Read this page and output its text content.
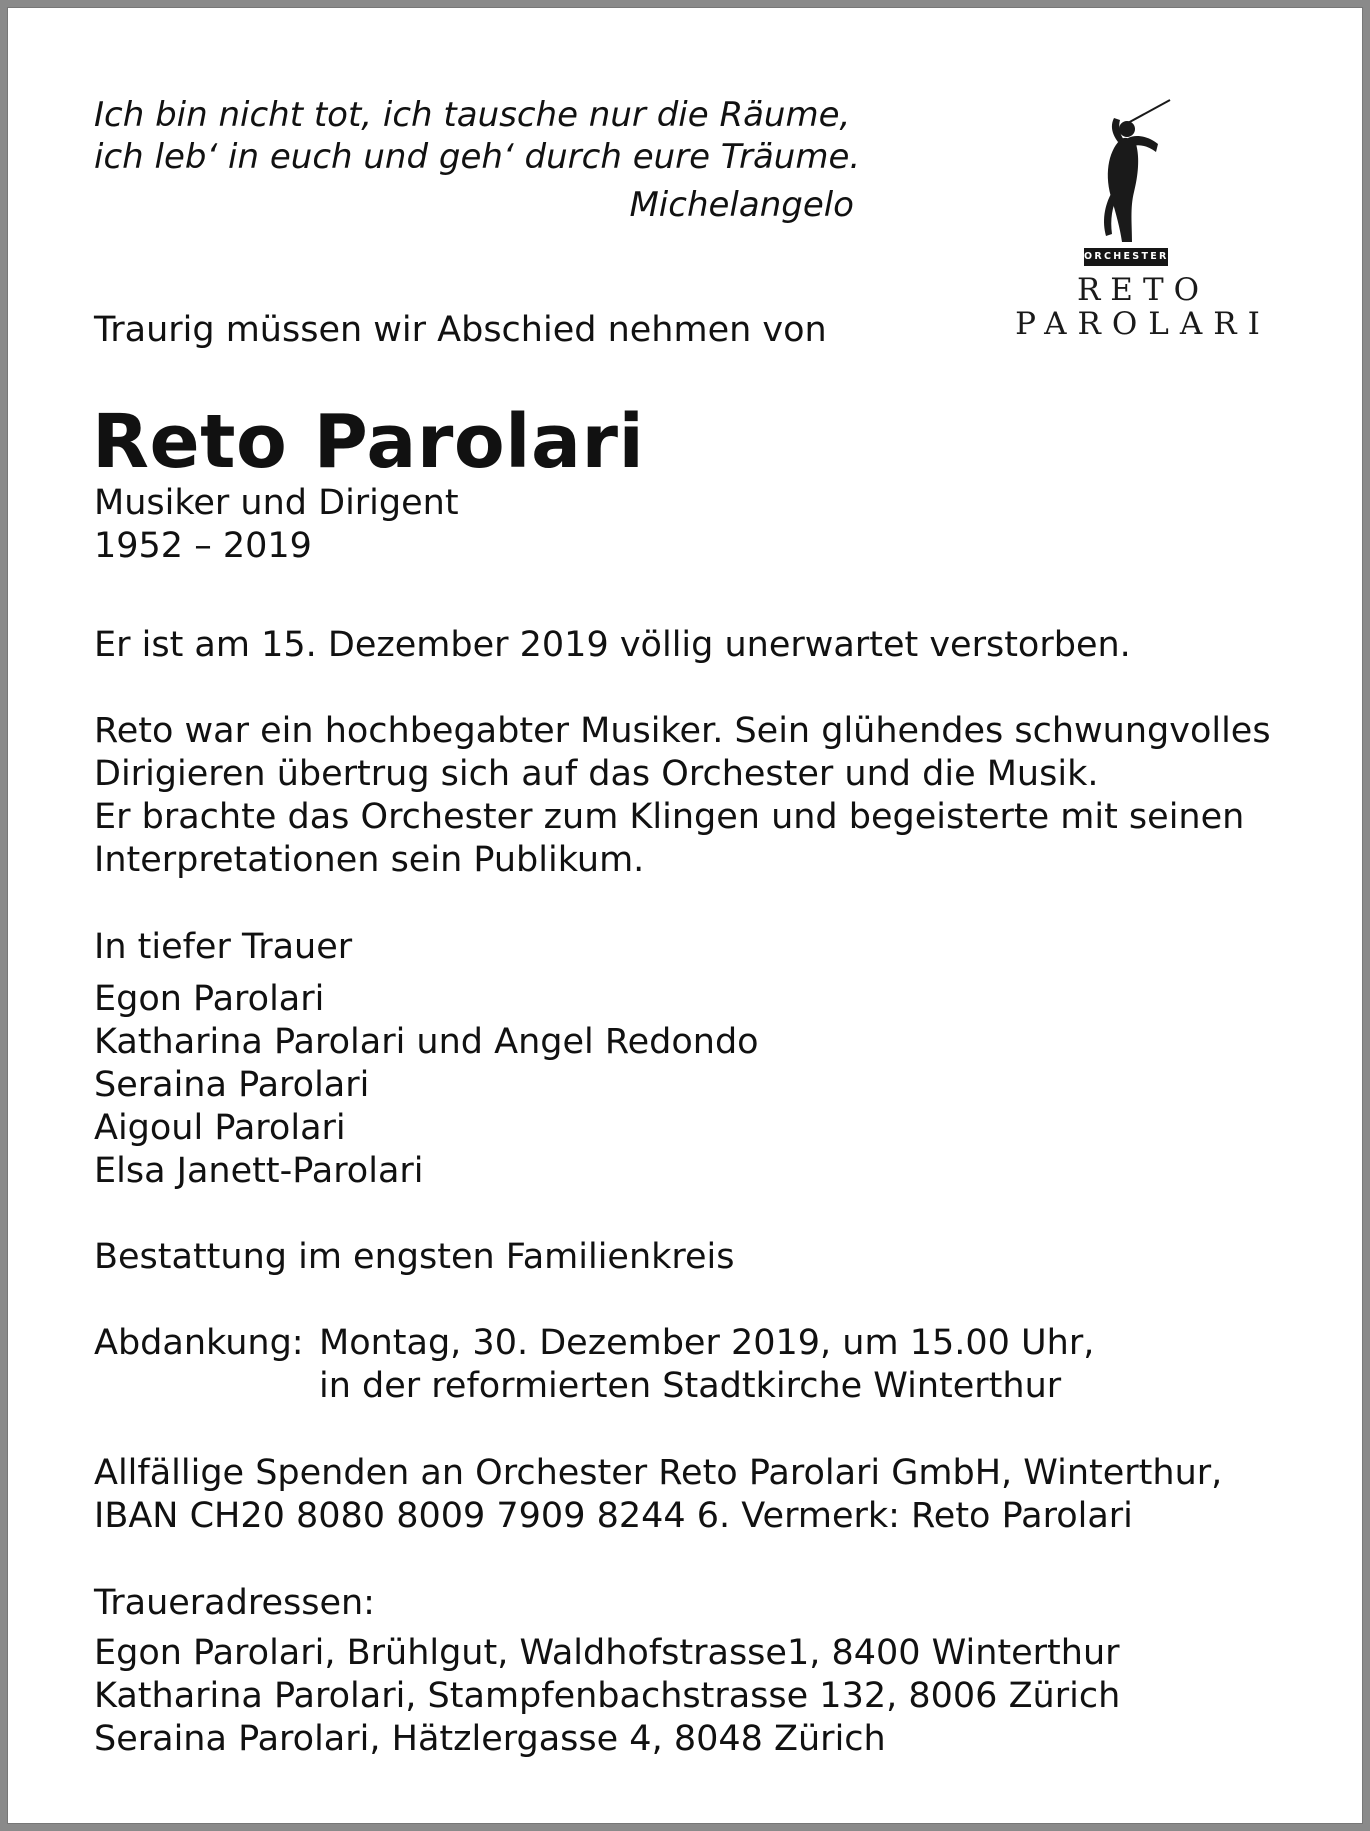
Ich bin nicht tot, ich tausche nur die Räume,
ich leb‘ in euch und geh‘ durch eure Träume.
Michelangelo
ORCHESTER
RETO
PAROLARI

Traurig müssen wir Abschied nehmen von

Reto Parolari
Musiker und Dirigent
1952 – 2019
Er ist am 15. Dezember 2019 völlig unerwartet verstorben.
Reto war ein hochbegabter Musiker. Sein glühendes schwungvolles
Dirigieren übertrug sich auf das Orchester und die Musik.
Er brachte das Orchester zum Klingen und begeisterte mit seinen
Interpretationen sein Publikum.
In tiefer Trauer
Egon Parolari
Katharina Parolari und Angel Redondo
Seraina Parolari
Aigoul Parolari
Elsa Janett-Parolari
Bestattung im engsten Familienkreis
Abdankung: Montag, 30. Dezember 2019, um 15.00 Uhr,
in der reformierten Stadtkirche Winterthur
Allfällige Spenden an Orchester Reto Parolari GmbH, Winterthur,
IBAN CH20 8080 8009 7909 8244 6. Vermerk: Reto Parolari
Traueradressen:
Egon Parolari, Brühlgut, Waldhofstrasse1, 8400 Winterthur
Katharina Parolari, Stampfenbachstrasse 132, 8006 Zürich
Seraina Parolari, Hätzlergasse 4, 8048 Zürich
